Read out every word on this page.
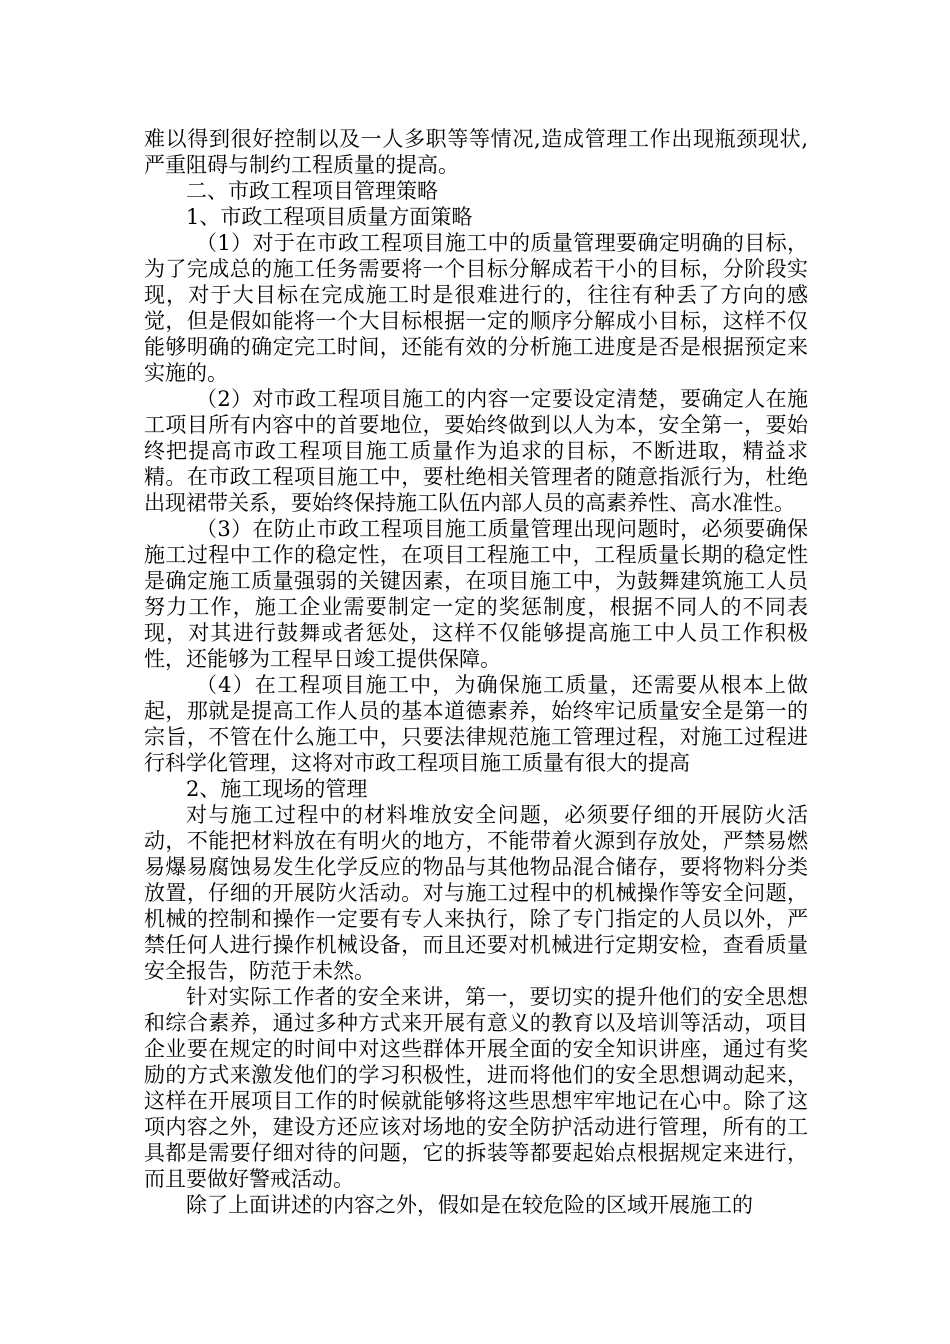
难以得到很好控制以及一人多职等等情况,造成管理工作出现瓶颈现状,严重阻碍与制约工程质量的提高。

二、市政工程项目管理策略

1、市政工程项目质量方面策略

（1）对于在市政工程项目施工中的质量管理要确定明确的目标，为了完成总的施工任务需要将一个目标分解成若干小的目标，分阶段实现，对于大目标在完成施工时是很难进行的，往往有种丢了方向的感觉，但是假如能将一个大目标根据一定的顺序分解成小目标，这样不仅能够明确的确定完工时间，还能有效的分析施工进度是否是根据预定来实施的。

（2）对市政工程项目施工的内容一定要设定清楚，要确定人在施工项目所有内容中的首要地位，要始终做到以人为本，安全第一，要始终把提高市政工程项目施工质量作为追求的目标，不断进取，精益求精。在市政工程项目施工中，要杜绝相关管理者的随意指派行为，杜绝出现裙带关系，要始终保持施工队伍内部人员的高素养性、高水准性。

（3）在防止市政工程项目施工质量管理出现问题时，必须要确保施工过程中工作的稳定性，在项目工程施工中，工程质量长期的稳定性是确定施工质量强弱的关键因素，在项目施工中，为鼓舞建筑施工人员努力工作，施工企业需要制定一定的奖惩制度，根据不同人的不同表现，对其进行鼓舞或者惩处，这样不仅能够提高施工中人员工作积极性，还能够为工程早日竣工提供保障。

（4）在工程项目施工中，为确保施工质量，还需要从根本上做起，那就是提高工作人员的基本道德素养，始终牢记质量安全是第一的宗旨，不管在什么施工中，只要法律规范施工管理过程，对施工过程进行科学化管理，这将对市政工程项目施工质量有很大的提高

2、施工现场的管理

对与施工过程中的材料堆放安全问题，必须要仔细的开展防火活动，不能把材料放在有明火的地方，不能带着火源到存放处，严禁易燃易爆易腐蚀易发生化学反应的物品与其他物品混合储存，要将物料分类放置，仔细的开展防火活动。对与施工过程中的机械操作等安全问题，机械的控制和操作一定要有专人来执行，除了专门指定的人员以外，严禁任何人进行操作机械设备，而且还要对机械进行定期安检，查看质量安全报告，防范于未然。

针对实际工作者的安全来讲，第一，要切实的提升他们的安全思想和综合素养，通过多种方式来开展有意义的教育以及培训等活动，项目企业要在规定的时间中对这些群体开展全面的安全知识讲座，通过有奖励的方式来激发他们的学习积极性，进而将他们的安全思想调动起来，这样在开展项目工作的时候就能够将这些思想牢牢地记在心中。除了这项内容之外，建设方还应该对场地的安全防护活动进行管理，所有的工具都是需要仔细对待的问题，它的拆装等都要起始点根据规定来进行，而且要做好警戒活动。

除了上面讲述的内容之外，假如是在较危险的区域开展施工的
